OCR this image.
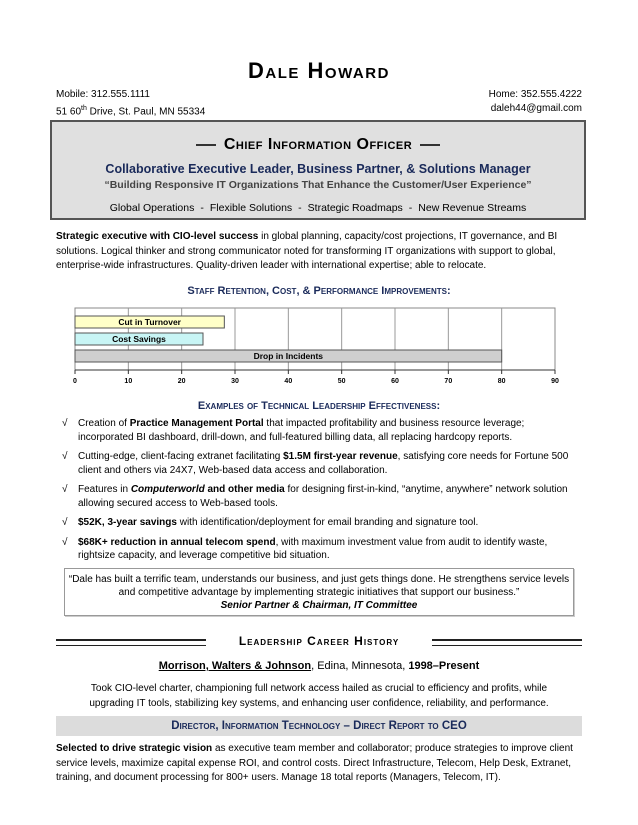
Dale Howard
Mobile: 312.555.1111
51 60th Drive, St. Paul, MN 55334
Home: 352.555.4222
daleh44@gmail.com
Chief Information Officer
Collaborative Executive Leader, Business Partner, & Solutions Manager
“Building Responsive IT Organizations That Enhance the Customer/User Experience”
Global Operations - Flexible Solutions - Strategic Roadmaps - New Revenue Streams
Strategic executive with CIO-level success in global planning, capacity/cost projections, IT governance, and BI solutions. Logical thinker and strong communicator noted for transforming IT organizations with support to global, enterprise-wide infrastructures. Quality-driven leader with international expertise; able to relocate.
Staff Retention, Cost, & Performance Improvements:
0	10	20	30	40	50	60	70	80	90
Cut in Turnover
Cost Savings
Drop in Incidents
Examples of Technical Leadership Effectiveness:
√ Creation of Practice Management Portal that impacted profitability and business resource leverage; incorporated BI dashboard, drill-down, and full-featured billing data, all replacing hardcopy reports.
√ Cutting-edge, client-facing extranet facilitating $1.5M first-year revenue, satisfying core needs for Fortune 500 client and others via 24X7, Web-based data access and collaboration.
√ Features in Computerworld and other media for designing first-in-kind, “anytime, anywhere” network solution allowing secured access to Web-based tools.
√ $52K, 3-year savings with identification/deployment for email branding and signature tool.
√ $68K+ reduction in annual telecom spend, with maximum investment value from audit to identify waste, rightsize capacity, and leverage competitive bid situation.
“Dale has built a terrific team, understands our business, and just gets things done. He strengthens service levels and competitive advantage by implementing strategic initiatives that support our business.”
Senior Partner & Chairman, IT Committee
Leadership Career History
Morrison, Walters & Johnson, Edina, Minnesota, 1998–Present
Took CIO-level charter, championing full network access hailed as crucial to efficiency and profits, while upgrading IT tools, stabilizing key systems, and enhancing user confidence, reliability, and performance.
Director, Information Technology – Direct Report to CEO
Selected to drive strategic vision as executive team member and collaborator; produce strategies to improve client service levels, maximize capital expense ROI, and control costs. Direct Infrastructure, Telecom, Help Desk, Extranet, training, and document processing for 800+ users. Manage 18 total reports (Managers, Telecom, IT).
